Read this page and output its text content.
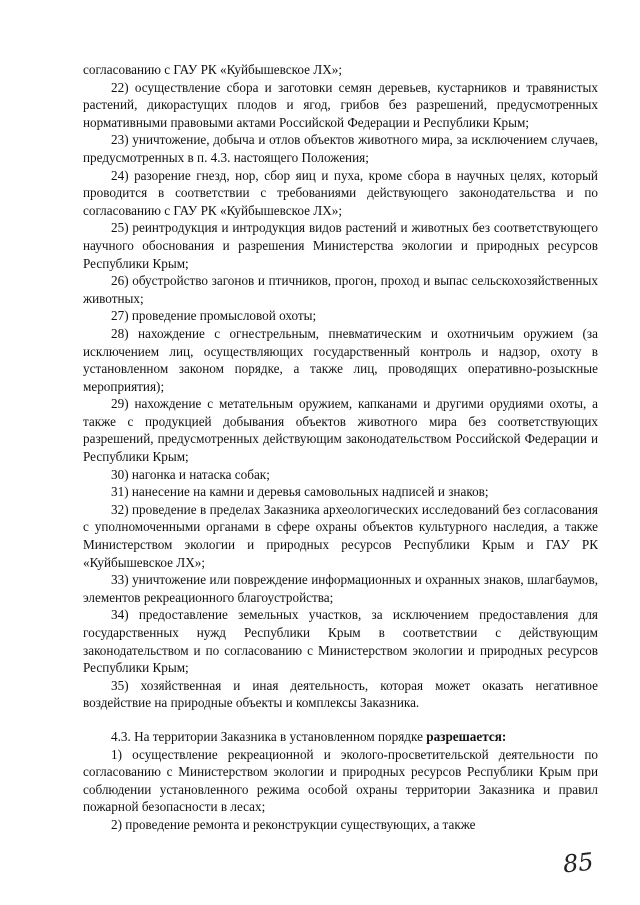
согласованию с ГАУ РК «Куйбышевское ЛХ»;

22) осуществление сбора и заготовки семян деревьев, кустарников и травянистых растений, дикорастущих плодов и ягод, грибов без разрешений, предусмотренных нормативными правовыми актами Российской Федерации и Республики Крым;

23) уничтожение, добыча и отлов объектов животного мира, за исключением случаев, предусмотренных в п. 4.3. настоящего Положения;

24) разорение гнезд, нор, сбор яиц и пуха, кроме сбора в научных целях, который проводится в соответствии с требованиями действующего законодательства и по согласованию с ГАУ РК «Куйбышевское ЛХ»;

25) реинтродукция и интродукция видов растений и животных без соответствующего научного обоснования и разрешения Министерства экологии и природных ресурсов Республики Крым;

26) обустройство загонов и птичников, прогон, проход и выпас сельскохозяйственных животных;

27) проведение промысловой охоты;

28) нахождение с огнестрельным, пневматическим и охотничьим оружием (за исключением лиц, осуществляющих государственный контроль и надзор, охоту в установленном законом порядке, а также лиц, проводящих оперативно-розыскные мероприятия);

29) нахождение с метательным оружием, капканами и другими орудиями охоты, а также с продукцией добывания объектов животного мира без соответствующих разрешений, предусмотренных действующим законодательством Российской Федерации и Республики Крым;

30) нагонка и натаска собак;

31) нанесение на камни и деревья самовольных надписей и знаков;

32) проведение в пределах Заказника археологических исследований без согласования с уполномоченными органами в сфере охраны объектов культурного наследия, а также Министерством экологии и природных ресурсов Республики Крым и ГАУ РК «Куйбышевское ЛХ»;

33) уничтожение или повреждение информационных и охранных знаков, шлагбаумов, элементов рекреационного благоустройства;

34) предоставление земельных участков, за исключением предоставления для государственных нужд Республики Крым в соответствии с действующим законодательством и по согласованию с Министерством экологии и природных ресурсов Республики Крым;

35) хозяйственная и иная деятельность, которая может оказать негативное воздействие на природные объекты и комплексы Заказника.

4.3. На территории Заказника в установленном порядке разрешается:

1) осуществление рекреационной и эколого-просветительской деятельности по согласованию с Министерством экологии и природных ресурсов Республики Крым при соблюдении установленного режима особой охраны территории Заказника и правил пожарной безопасности в лесах;

2) проведение ремонта и реконструкции существующих, а также

85
